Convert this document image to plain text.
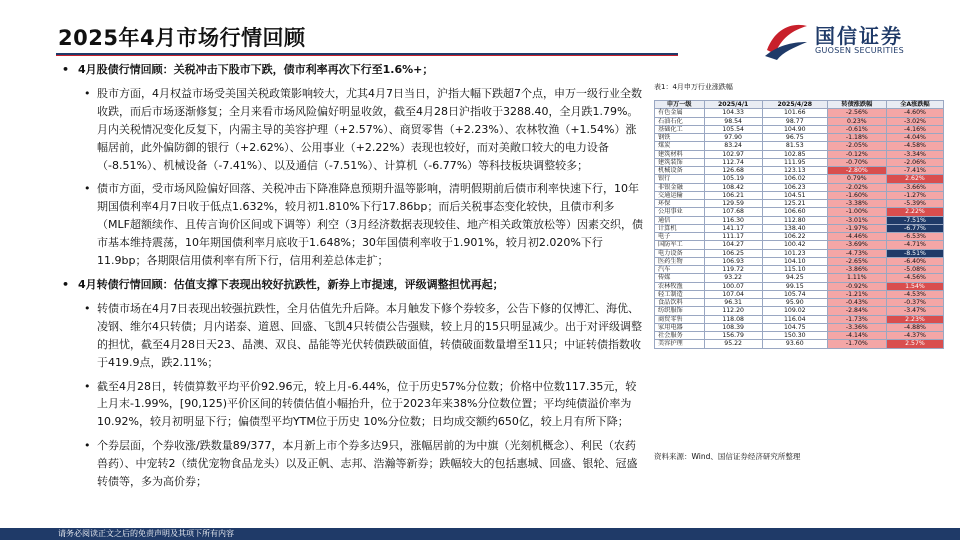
2025年4月市场行情回顾	国信证券
GUOSEN SECURITIES
• 4月股债行情回顾：关税冲击下股市下跌，债市利率再次下行至1.6%+；
• 股市方面，4月权益市场受美国关税政策影响较大，尤其4月7日当日，沪指大幅下跌超7个点，申万一级行业全数收跌，而后市场逐渐修复；全月来看市场风险偏好明显收敛，截至4月28日沪指收于3288.40，全月跌1.79%。月内关税情况变化反复下，内需主导的美容护理（+2.57%）、商贸零售（+2.23%）、农林牧渔（+1.54%）涨幅居前，此外偏防御的银行（+2.62%）、公用事业（+2.22%）表现也较好，而对美敞口较大的电力设备（-8.51%）、机械设备（-7.41%）、以及通信（-7.51%）、计算机（-6.77%）等科技板块调整较多；
• 债市方面，受市场风险偏好回落、关税冲击下降准降息预期升温等影响，清明假期前后债市利率快速下行，10年期国债利率4月7日收于低点1.632%，较月初1.810%下行17.86bp；而后关税事态变化较快，且债市利多（MLF超额续作、且传言询价区间或下调等）利空（3月经济数据表现较佳、地产相关政策放松等）因素交织，债市基本维持震荡，10年期国债利率月底收于1.648%；30年国债利率收于1.901%，较月初2.020%下行11.9bp；各期限信用债利率有所下行，信用利差总体走扩；
• 4月转债行情回顾：估值支撑下表现出较好抗跌性，新券上市提速，评级调整担忧再起；
• 转债市场在4月7日表现出较强抗跌性，全月估值先升后降。本月触发下修个券较多，公告下修的仅博汇、海优、凌钢、维尔4只转债；月内诺泰、道恩、回盛、飞凯4只转债公告强赎，较上月的15只明显减少。出于对评级调整的担忧，截至4月28日天23、晶澳、双良、晶能等光伏转债跌破面值，转债破面数量增至11只；中证转债指数收于419.9点，跌2.11%；
• 截至4月28日，转债算数平均平价92.96元，较上月-6.44%，位于历史57%分位数；价格中位数117.35元，较上月末-1.99%，[90,125)平价区间的转债估值小幅抬升，位于2023年来38%分位数位置；平均纯债溢价率为10.92%，较月初明显下行；偏债型平均YTM位于历史 10%分位数；日均成交额约650亿，较上月有所下降；
• 个券层面，个券收涨/跌数量89/377，本月新上市个券多达9只，涨幅居前的为中旗（光刻机概念）、利民（农药兽药）、中宠转2（绩优宠物食品龙头）以及正帆、志邦、浩瀚等新券；跌幅较大的包括惠城、回盛、银轮、冠盛转债等，多为高价券；
表1：4月申万行业涨跌幅
申万一级	2025/4/1	2025/4/28	转债涨跌幅	全A涨跌幅
有色金属	104.33	101.66	-2.56%	-4.60%
石油石化	98.54	98.77	0.23%	-3.02%
基础化工	105.54	104.90	-0.61%	-4.16%
钢铁	97.90	96.75	-1.18%	-4.04%
煤炭	83.24	81.53	-2.05%	-4.58%
建筑材料	102.97	102.85	-0.12%	-3.34%
建筑装饰	112.74	111.95	-0.70%	-2.06%
机械设备	126.68	123.13	-2.80%	-7.41%
银行	105.19	106.02	0.79%	2.62%
非银金融	108.42	106.23	-2.02%	-3.66%
交通运输	106.21	104.51	-1.60%	-1.27%
环保	129.59	125.21	-3.38%	-5.39%
公用事业	107.68	106.60	-1.00%	2.22%
通信	116.30	112.80	-3.01%	-7.51%
计算机	141.17	138.40	-1.97%	-6.77%
电子	111.17	106.22	-4.46%	-6.53%
国防军工	104.27	100.42	-3.69%	-4.71%
电力设备	106.25	101.23	-4.73%	-8.51%
医药生物	106.93	104.10	-2.65%	-6.40%
汽车	119.72	115.10	-3.86%	-5.08%
传媒	93.22	94.25	1.11%	-4.56%
农林牧渔	100.07	99.15	-0.92%	1.54%
轻工制造	107.04	105.74	-1.21%	-4.53%
食品饮料	96.31	95.90	-0.43%	-0.37%
纺织服饰	112.20	109.02	-2.84%	-3.47%
商贸零售	118.08	116.04	-1.73%	2.23%
家用电器	108.39	104.75	-3.36%	-4.88%
社会服务	156.79	150.30	-4.14%	-4.37%
美容护理	95.22	93.60	-1.70%	2.57%
资料来源：Wind、国信证券经济研究所整理
请务必阅读正文之后的免责声明及其项下所有内容
